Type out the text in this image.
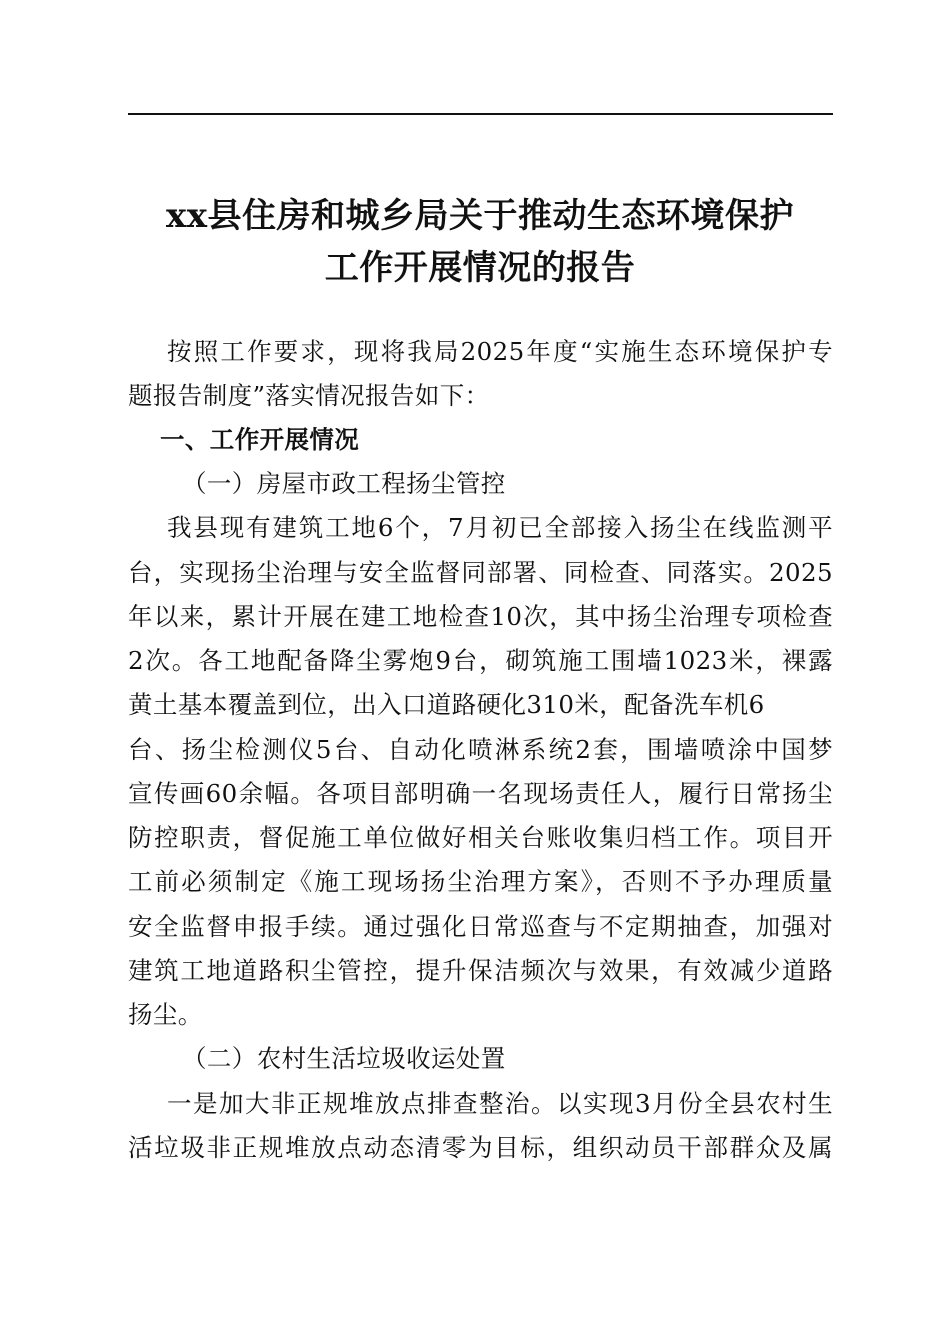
xx县住房和城乡局关于推动生态环境保护
工作开展情况的报告
按照工作要求，现将我局2025年度“实施生态环境保护专
题报告制度”落实情况报告如下：
一、工作开展情况
（一）房屋市政工程扬尘管控
我县现有建筑工地6个，7月初已全部接入扬尘在线监测平
台，实现扬尘治理与安全监督同部署、同检查、同落实。2025
年以来，累计开展在建工地检查10次，其中扬尘治理专项检查
2次。各工地配备降尘雾炮9台，砌筑施工围墙1023米，裸露
黄土基本覆盖到位，出入口道路硬化310米，配备洗车机6
台、扬尘检测仪5台、自动化喷淋系统2套，围墙喷涂中国梦
宣传画60余幅。各项目部明确一名现场责任人，履行日常扬尘
防控职责，督促施工单位做好相关台账收集归档工作。项目开
工前必须制定《施工现场扬尘治理方案》，否则不予办理质量
安全监督申报手续。通过强化日常巡查与不定期抽查，加强对
建筑工地道路积尘管控，提升保洁频次与效果，有效减少道路
扬尘。
（二）农村生活垃圾收运处置
一是加大非正规堆放点排查整治。以实现3月份全县农村生
活垃圾非正规堆放点动态清零为目标，组织动员干部群众及属
